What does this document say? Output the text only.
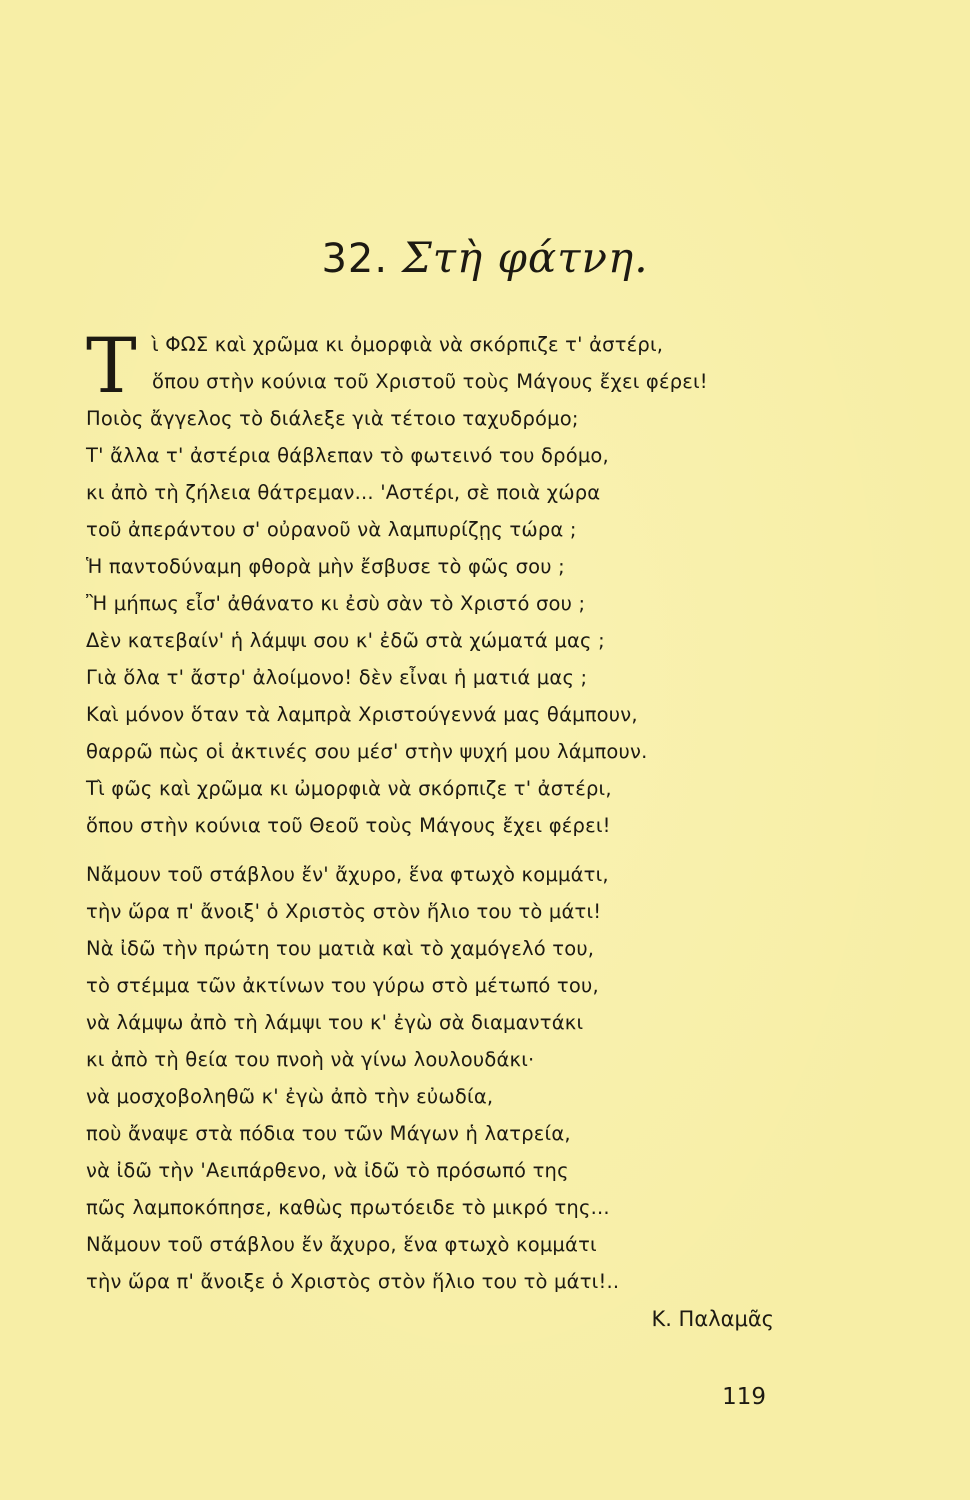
32. Στὴ φάτνη.
T ὶ ΦΩΣ καὶ χρῶμα κι ὀμορφιὰ νὰ σκόρπιζε τ' ἀστέρι,
ὅπου στὴν κούνια τοῦ Χριστοῦ τοὺς Μάγους ἔχει φέρει!
Ποιὸς ἄγγελος τὸ διάλεξε γιὰ τέτοιο ταχυδρόμο;
Τ' ἄλλα τ' ἀστέρια θάβλεπαν τὸ φωτεινό του δρόμο,
κι ἀπὸ τὴ ζήλεια θάτρεμαν... 'Αστέρι, σὲ ποιὰ χώρα
τοῦ ἀπεράντου σ' οὐρανοῦ νὰ λαμπυρίζῃς τώρα ;
Ἡ παντοδύναμη φθορὰ μὴν ἔσβυσε τὸ φῶς σου ;
Ἢ μήπως εἶσ' ἀθάνατο κι ἐσὺ σὰν τὸ Χριστό σου ;
Δὲν κατεβαίν' ἡ λάμψι σου κ' ἐδῶ στὰ χώματά μας ;
Γιὰ ὅλα τ' ἄστρ' ἀλοίμονο! δὲν εἶναι ἡ ματιά μας ;
Καὶ μόνον ὅταν τὰ λαμπρὰ Χριστούγεννά μας θάμπουν,
θαρρῶ πὼς οἱ ἀκτινές σου μέσ' στὴν ψυχή μου λάμπουν.
Τὶ φῶς καὶ χρῶμα κι ὠμορφιὰ νὰ σκόρπιζε τ' ἀστέρι,
ὅπου στὴν κούνια τοῦ Θεοῦ τοὺς Μάγους ἔχει φέρει!
Νἄμουν τοῦ στάβλου ἔν' ἄχυρο, ἕνα φτωχὸ κομμάτι,
τὴν ὥρα π' ἄνοιξ' ὁ Χριστὸς στὸν ἥλιο του τὸ μάτι!
Νὰ ἰδῶ τὴν πρώτη του ματιὰ καὶ τὸ χαμόγελό του,
τὸ στέμμα τῶν ἀκτίνων του γύρω στὸ μέτωπό του,
νὰ λάμψω ἀπὸ τὴ λάμψι του κ' ἐγὼ σὰ διαμαντάκι
κι ἀπὸ τὴ θεία του πνοὴ νὰ γίνω λουλουδάκι·
νὰ μοσχοβοληθῶ κ' ἐγὼ ἀπὸ τὴν εὐωδία,
ποὺ ἄναψε στὰ πόδια του τῶν Μάγων ἡ λατρεία,
νὰ ἰδῶ τὴν 'Αειπάρθενο, νὰ ἰδῶ τὸ πρόσωπό της
πῶς λαμποκόπησε, καθὼς πρωτόειδε τὸ μικρό της...
Νἄμουν τοῦ στάβλου ἔν ἄχυρο, ἕνα φτωχὸ κομμάτι
τὴν ὥρα π' ἄνοιξε ὁ Χριστὸς στὸν ἥλιο του τὸ μάτι!..
Κ. Παλαμᾶς
119
